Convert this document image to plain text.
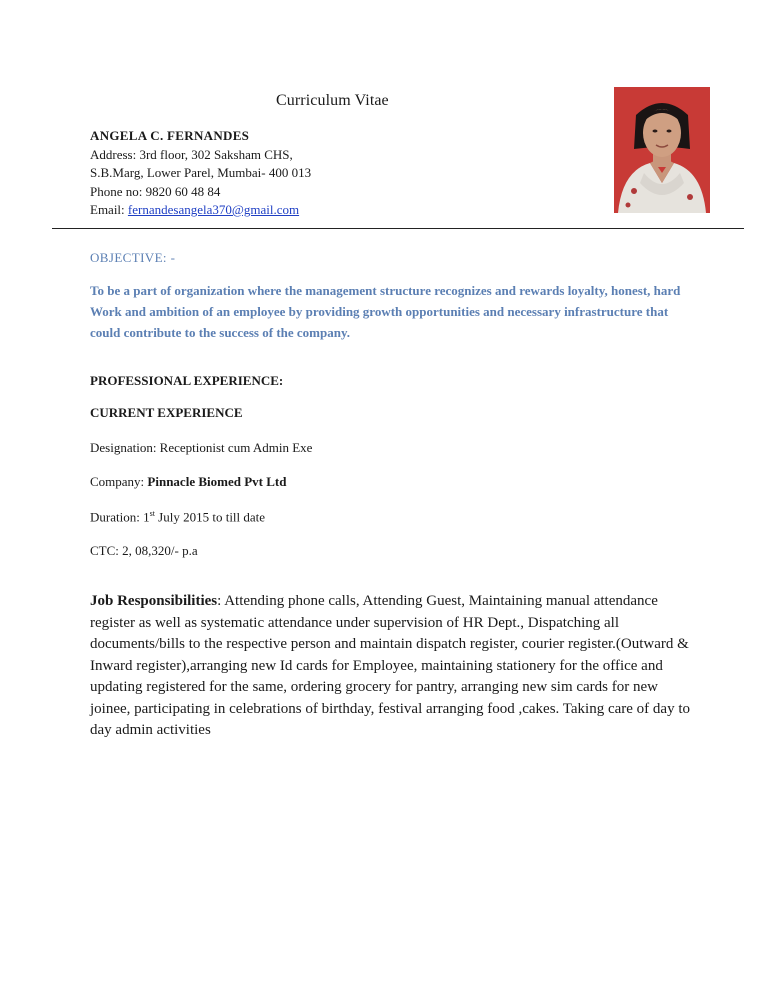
Curriculum Vitae
ANGELA C. FERNANDES
Address: 3rd floor, 302 Saksham CHS,
S.B.Marg, Lower Parel, Mumbai- 400 013
Phone no: 9820 60 48 84
Email: fernandesangela370@gmail.com
OBJECTIVE: -
To be a part of organization where the management structure recognizes and rewards loyalty, honest, hard Work and ambition of an employee by providing growth opportunities and necessary infrastructure that could contribute to the success of the company.
PROFESSIONAL EXPERIENCE:
CURRENT EXPERIENCE
Designation: Receptionist cum Admin Exe
Company: Pinnacle Biomed Pvt Ltd
Duration: 1st July 2015 to till date
CTC: 2, 08,320/- p.a
Job Responsibilities: Attending phone calls, Attending Guest, Maintaining manual attendance register as well as systematic attendance under supervision of HR Dept., Dispatching all documents/bills to the respective person and maintain dispatch register, courier register.(Outward & Inward register),arranging new Id cards for Employee, maintaining stationery for the office and updating registered for the same, ordering grocery for pantry, arranging new sim cards for new joinee, participating in celebrations of birthday, festival arranging food ,cakes. Taking care of day to day admin activities
